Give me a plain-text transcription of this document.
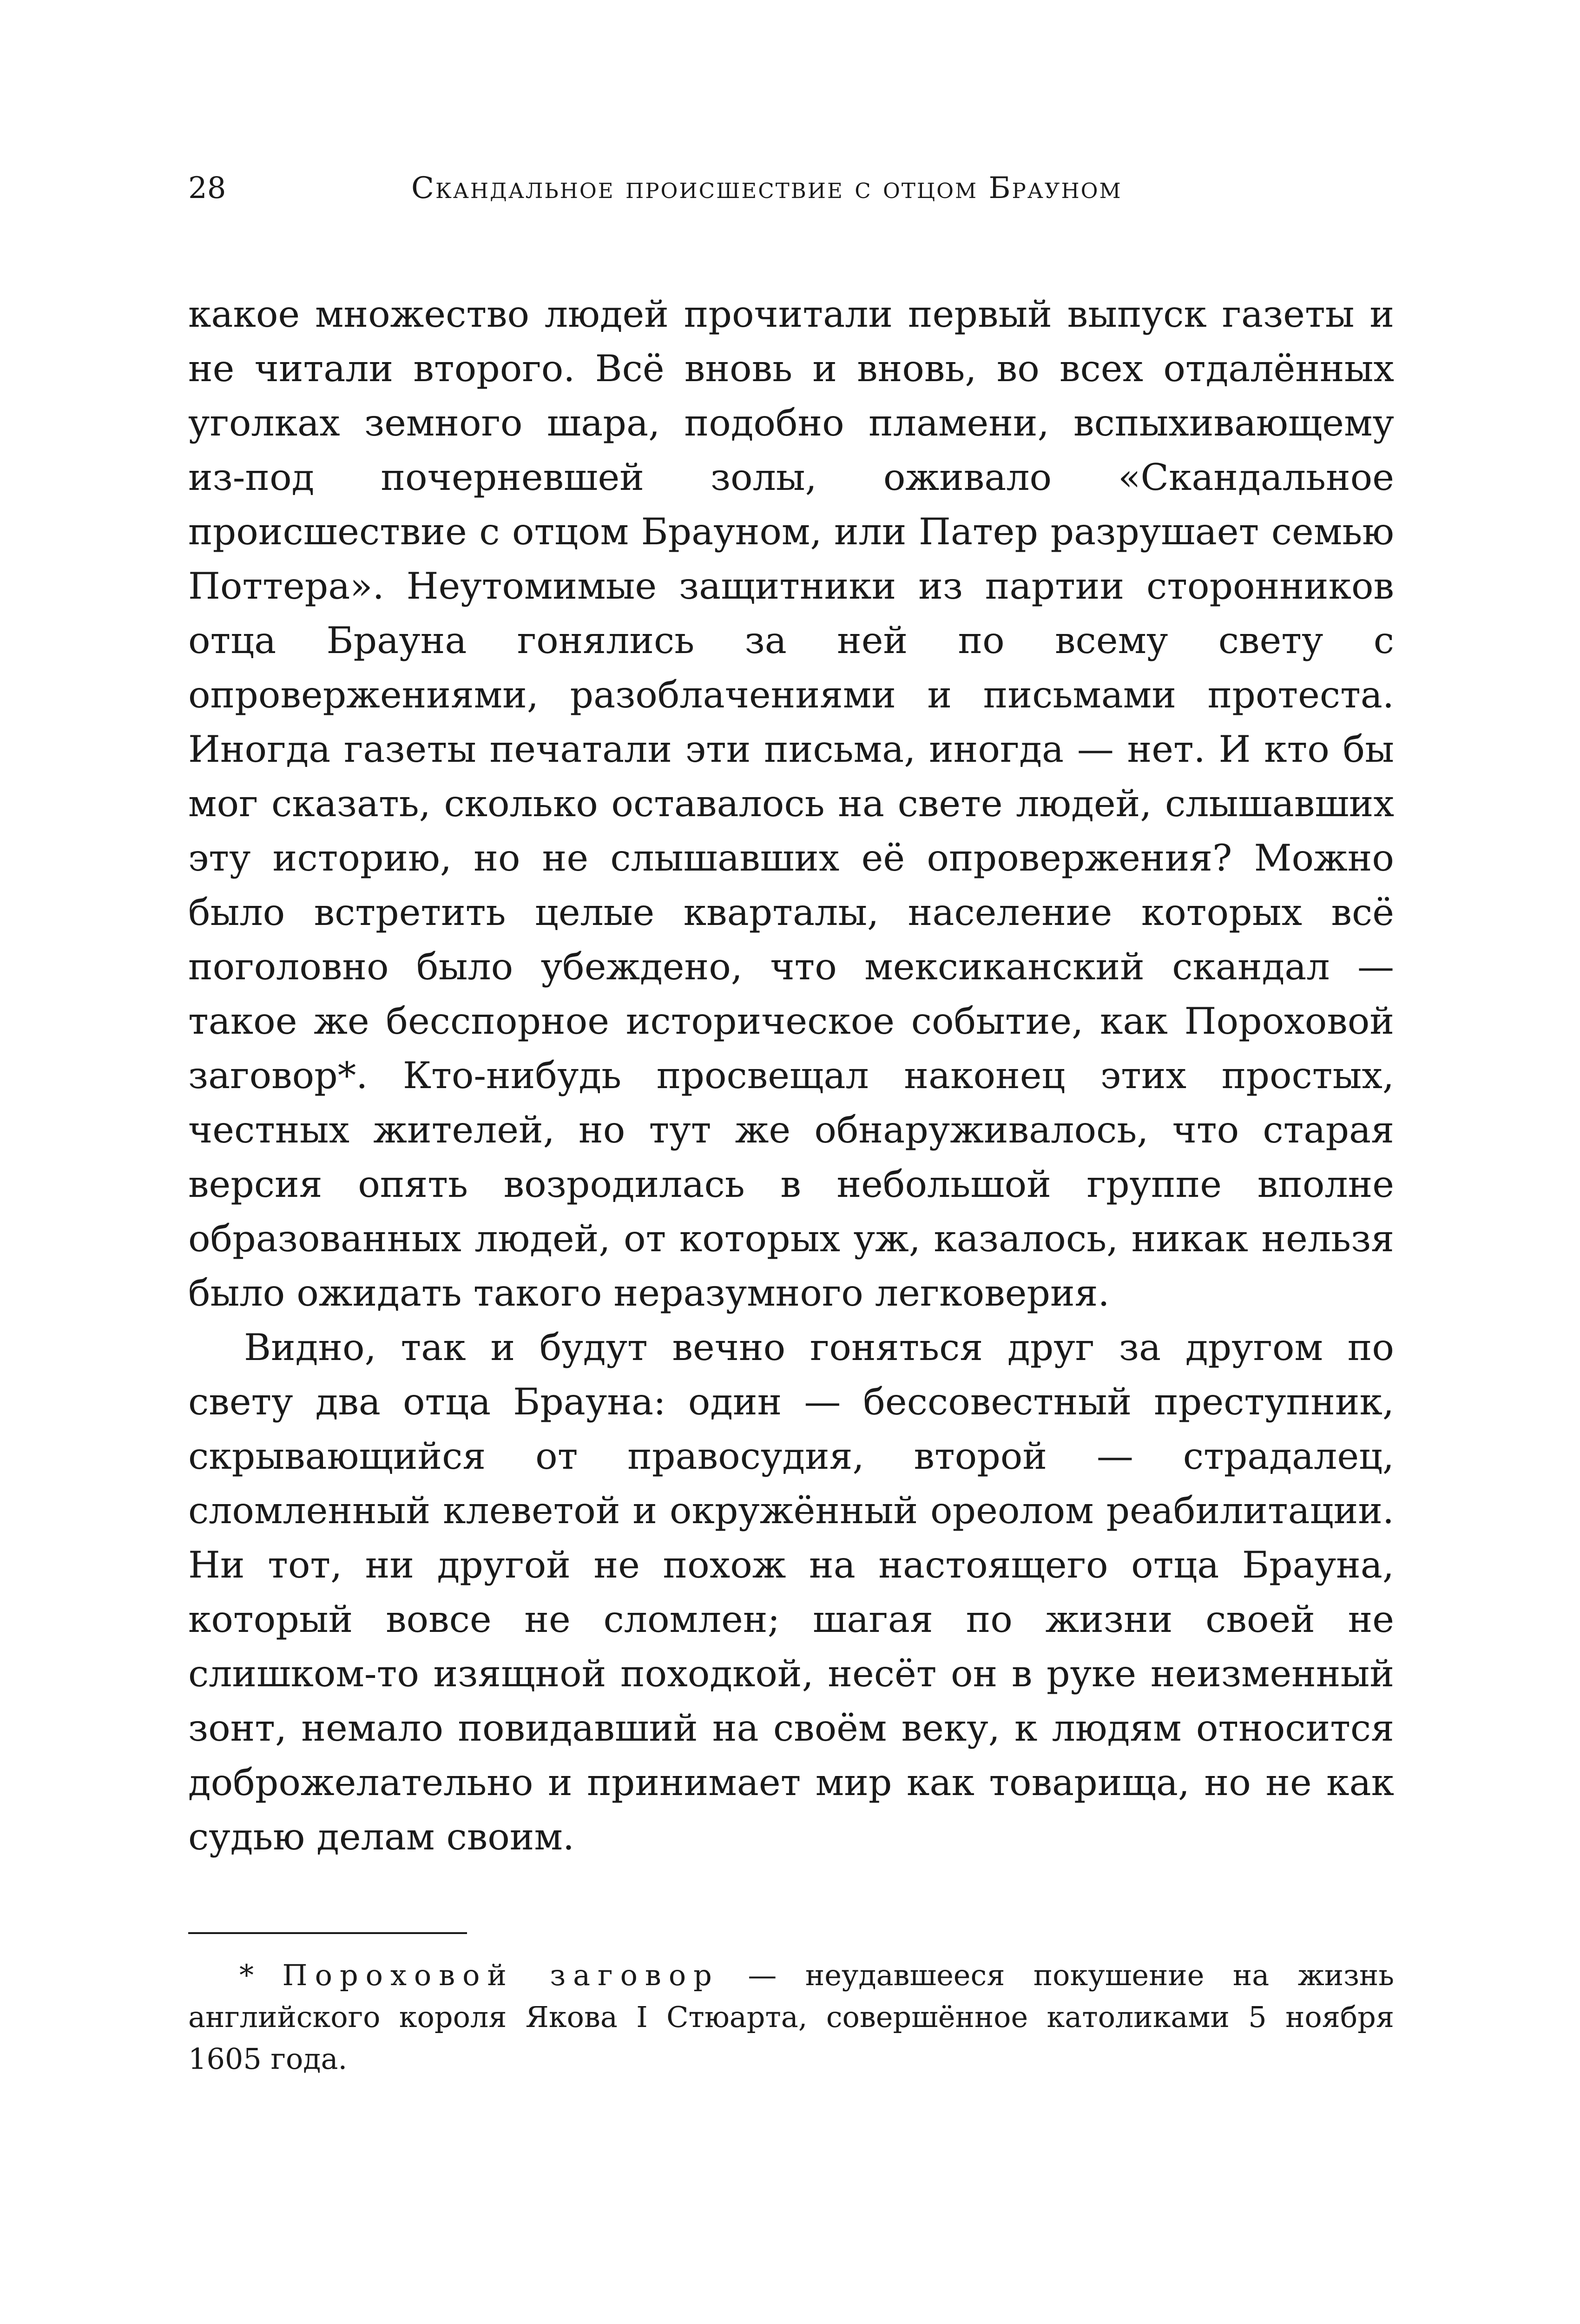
28	Скандальное происшествие с отцом Брауном

какое множество людей прочитали первый выпуск газеты и не читали второго. Всё вновь и вновь, во всех отдалённых уголках земного шара, подобно пламени, вспыхивающему из-под почерневшей золы, оживало «Скандальное происшествие с отцом Брауном, или Патер разрушает семью Поттера». Неутомимые защитники из партии сторонников отца Брауна гонялись за ней по всему свету с опровержениями, разоблачениями и письмами протеста. Иногда газеты печатали эти письма, иногда — нет. И кто бы мог сказать, сколько оставалось на свете людей, слышавших эту историю, но не слышавших её опровержения? Можно было встретить целые кварталы, население которых всё поголовно было убеждено, что мексиканский скандал — такое же бесспорное историческое событие, как Пороховой заговор*. Кто-нибудь просвещал наконец этих простых, честных жителей, но тут же обнаруживалось, что старая версия опять возродилась в небольшой группе вполне образованных людей, от которых уж, казалось, никак нельзя было ожидать такого неразумного легковерия.

Видно, так и будут вечно гоняться друг за другом по свету два отца Брауна: один — бессовестный преступник, скрывающийся от правосудия, второй — страдалец, сломленный клеветой и окружённый ореолом реабилитации. Ни тот, ни другой не похож на настоящего отца Брауна, который вовсе не сломлен; шагая по жизни своей не слишком-то изящной походкой, несёт он в руке неизменный зонт, немало повидавший на своём веку, к людям относится доброжелательно и принимает мир как товарища, но не как судью делам своим.

* Пороховой заговор — неудавшееся покушение на жизнь английского короля Якова I Стюарта, совершённое католиками 5 ноября 1605 года.
